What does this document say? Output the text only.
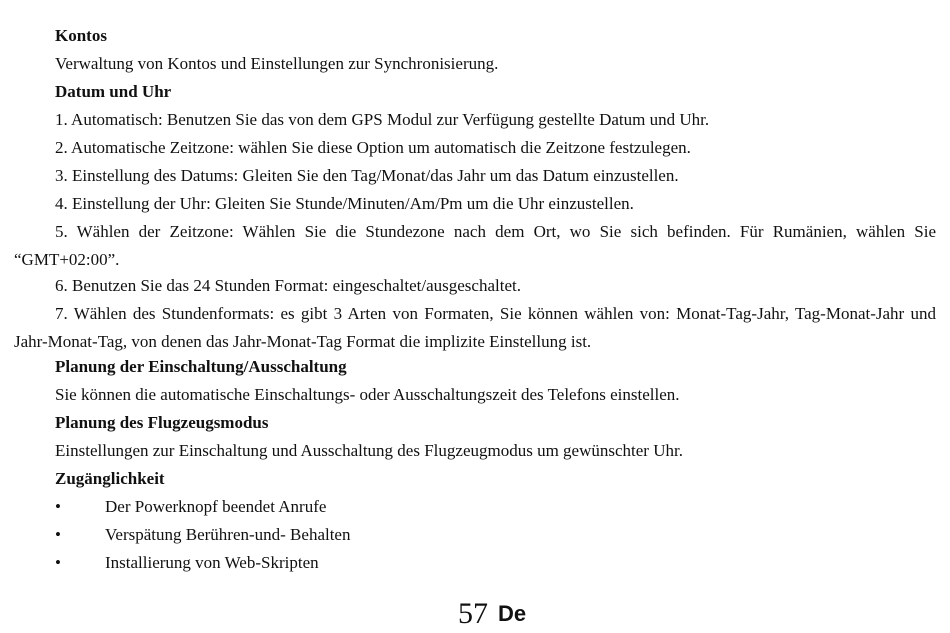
Kontos
Verwaltung von Kontos und Einstellungen zur Synchronisierung.
Datum und Uhr
1. Automatisch: Benutzen Sie das von dem GPS Modul zur Verfügung gestellte Datum und Uhr.
2. Automatische Zeitzone: wählen Sie diese Option um automatisch die Zeitzone festzulegen.
3. Einstellung des Datums: Gleiten Sie den Tag/Monat/das Jahr um das Datum einzustellen.
4. Einstellung der Uhr: Gleiten Sie Stunde/Minuten/Am/Pm um die Uhr einzustellen.
5. Wählen der Zeitzone: Wählen Sie die Stundezone nach dem Ort, wo Sie sich befinden. Für Rumänien, wählen Sie “GMT+02:00”.
6. Benutzen Sie das 24 Stunden Format: eingeschaltet/ausgeschaltet.
7. Wählen des Stundenformats: es gibt 3 Arten von Formaten, Sie können wählen von: Monat-Tag-Jahr, Tag-Monat-Jahr und Jahr-Monat-Tag, von denen das Jahr-Monat-Tag Format die implizite Einstellung ist.
Planung der Einschaltung/Ausschaltung
Sie können die automatische Einschaltungs- oder Ausschaltungszeit des Telefons einstellen.
Planung des Flugzeugsmodus
Einstellungen zur Einschaltung und Ausschaltung des Flugzeugmodus um gewünschter Uhr.
Zugänglichkeit
•	Der Powerknopf beendet Anrufe
•	Verspätung Berühren-und- Behalten
•	Installierung von Web-Skripten
57 De
